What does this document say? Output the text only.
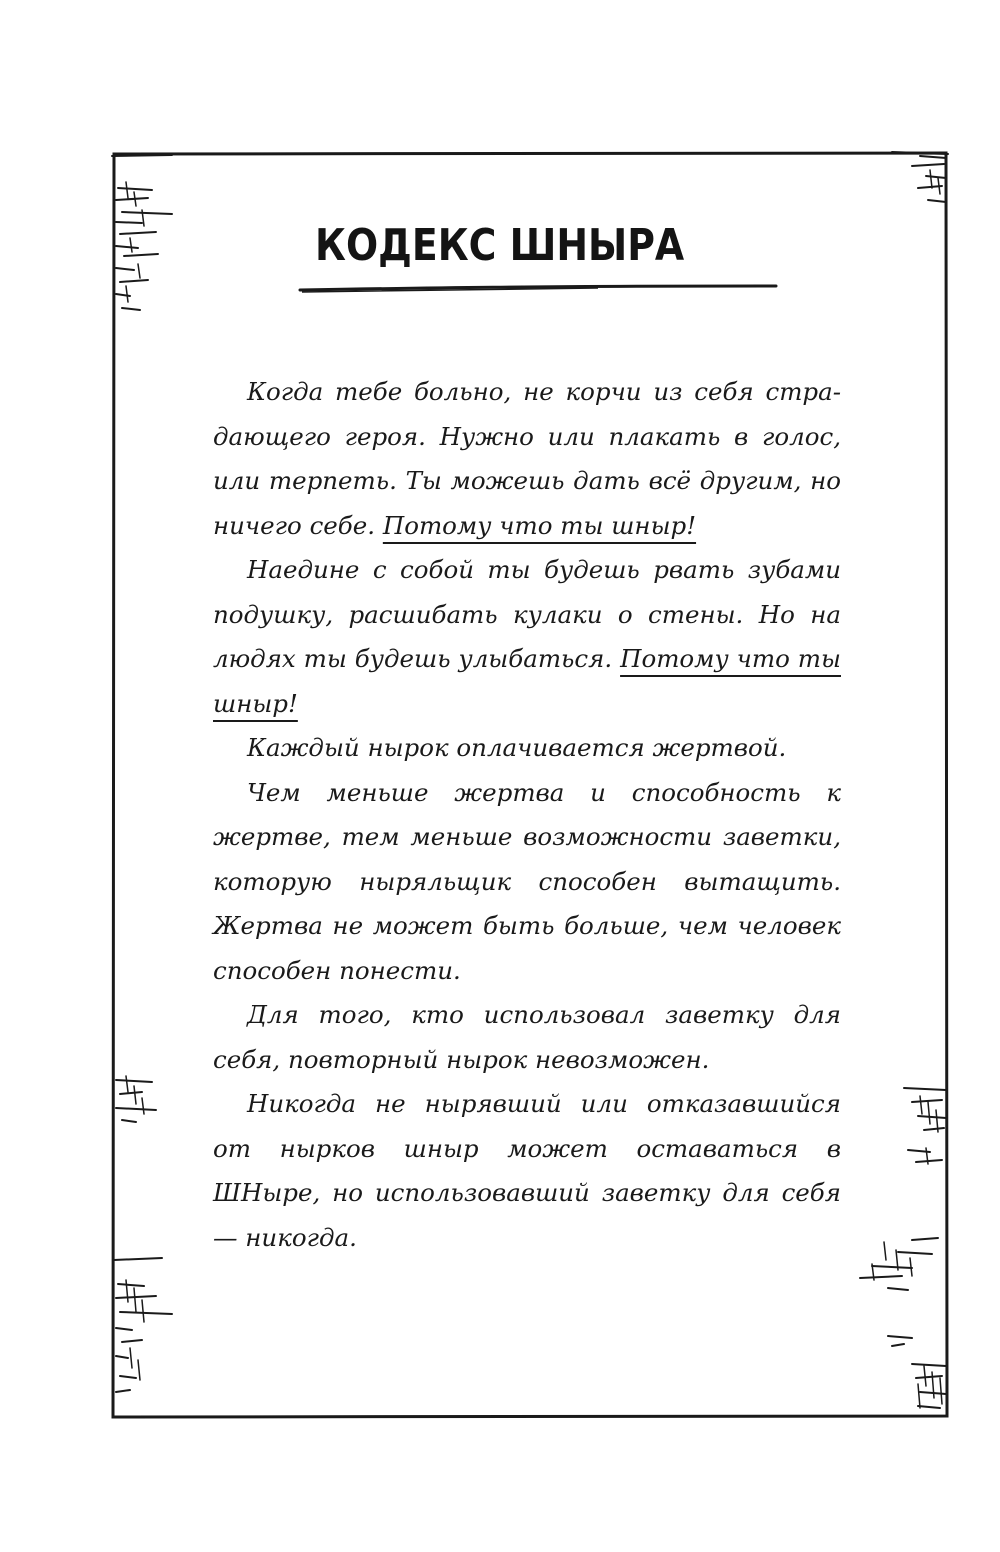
КОДЕКС ШНЫРА

Когда тебе больно, не корчи из себя страдающего героя. Нужно или плакать в голос, или терпеть. Ты можешь дать всё другим, но ничего себе. Потому что ты шныр!

Наедине с собой ты будешь рвать зубами подушку, расшибать кулаки о стены. Но на людях ты будешь улыбаться. Потому что ты шныр!

Каждый нырок оплачивается жертвой.

Чем меньше жертва и способность к жертве, тем меньше возможности заветки, которую ныряльщик способен вытащить. Жертва не может быть больше, чем человек способен понести.

Для того, кто использовал заветку для себя, повторный нырок невозможен.

Никогда не нырявший или отказавшийся от нырков шныр может оставаться в ШНыре, но использовавший заветку для себя — никогда.
